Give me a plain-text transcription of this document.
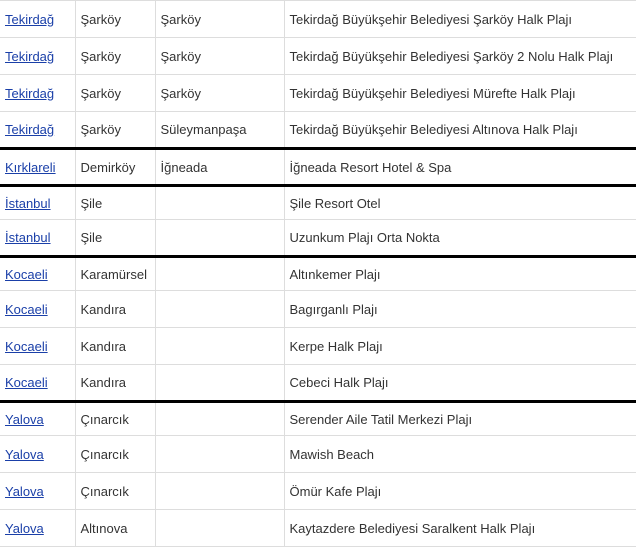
Tekirdağ	Şarköy	Şarköy	Tekirdağ Büyükşehir Belediyesi Şarköy Halk Plajı
Tekirdağ	Şarköy	Şarköy	Tekirdağ Büyükşehir Belediyesi Şarköy 2 Nolu Halk Plajı
Tekirdağ	Şarköy	Şarköy	Tekirdağ Büyükşehir Belediyesi Mürefte Halk Plajı
Tekirdağ	Şarköy	Süleymanpaşa	Tekirdağ Büyükşehir Belediyesi Altınova Halk Plajı
Kırklareli	Demirköy	İğneada	İğneada Resort Hotel & Spa
İstanbul	Şile		Şile Resort Otel
İstanbul	Şile		Uzunkum Plajı Orta Nokta
Kocaeli	Karamürsel		Altınkemer Plajı
Kocaeli	Kandıra		Bagırganlı Plajı
Kocaeli	Kandıra		Kerpe Halk Plajı
Kocaeli	Kandıra		Cebeci Halk Plajı
Yalova	Çınarcık		Serender Aile Tatil Merkezi Plajı
Yalova	Çınarcık		Mawish Beach
Yalova	Çınarcık		Ömür Kafe Plajı
Yalova	Altınova		Kaytazdere Belediyesi Saralkent Halk Plajı
